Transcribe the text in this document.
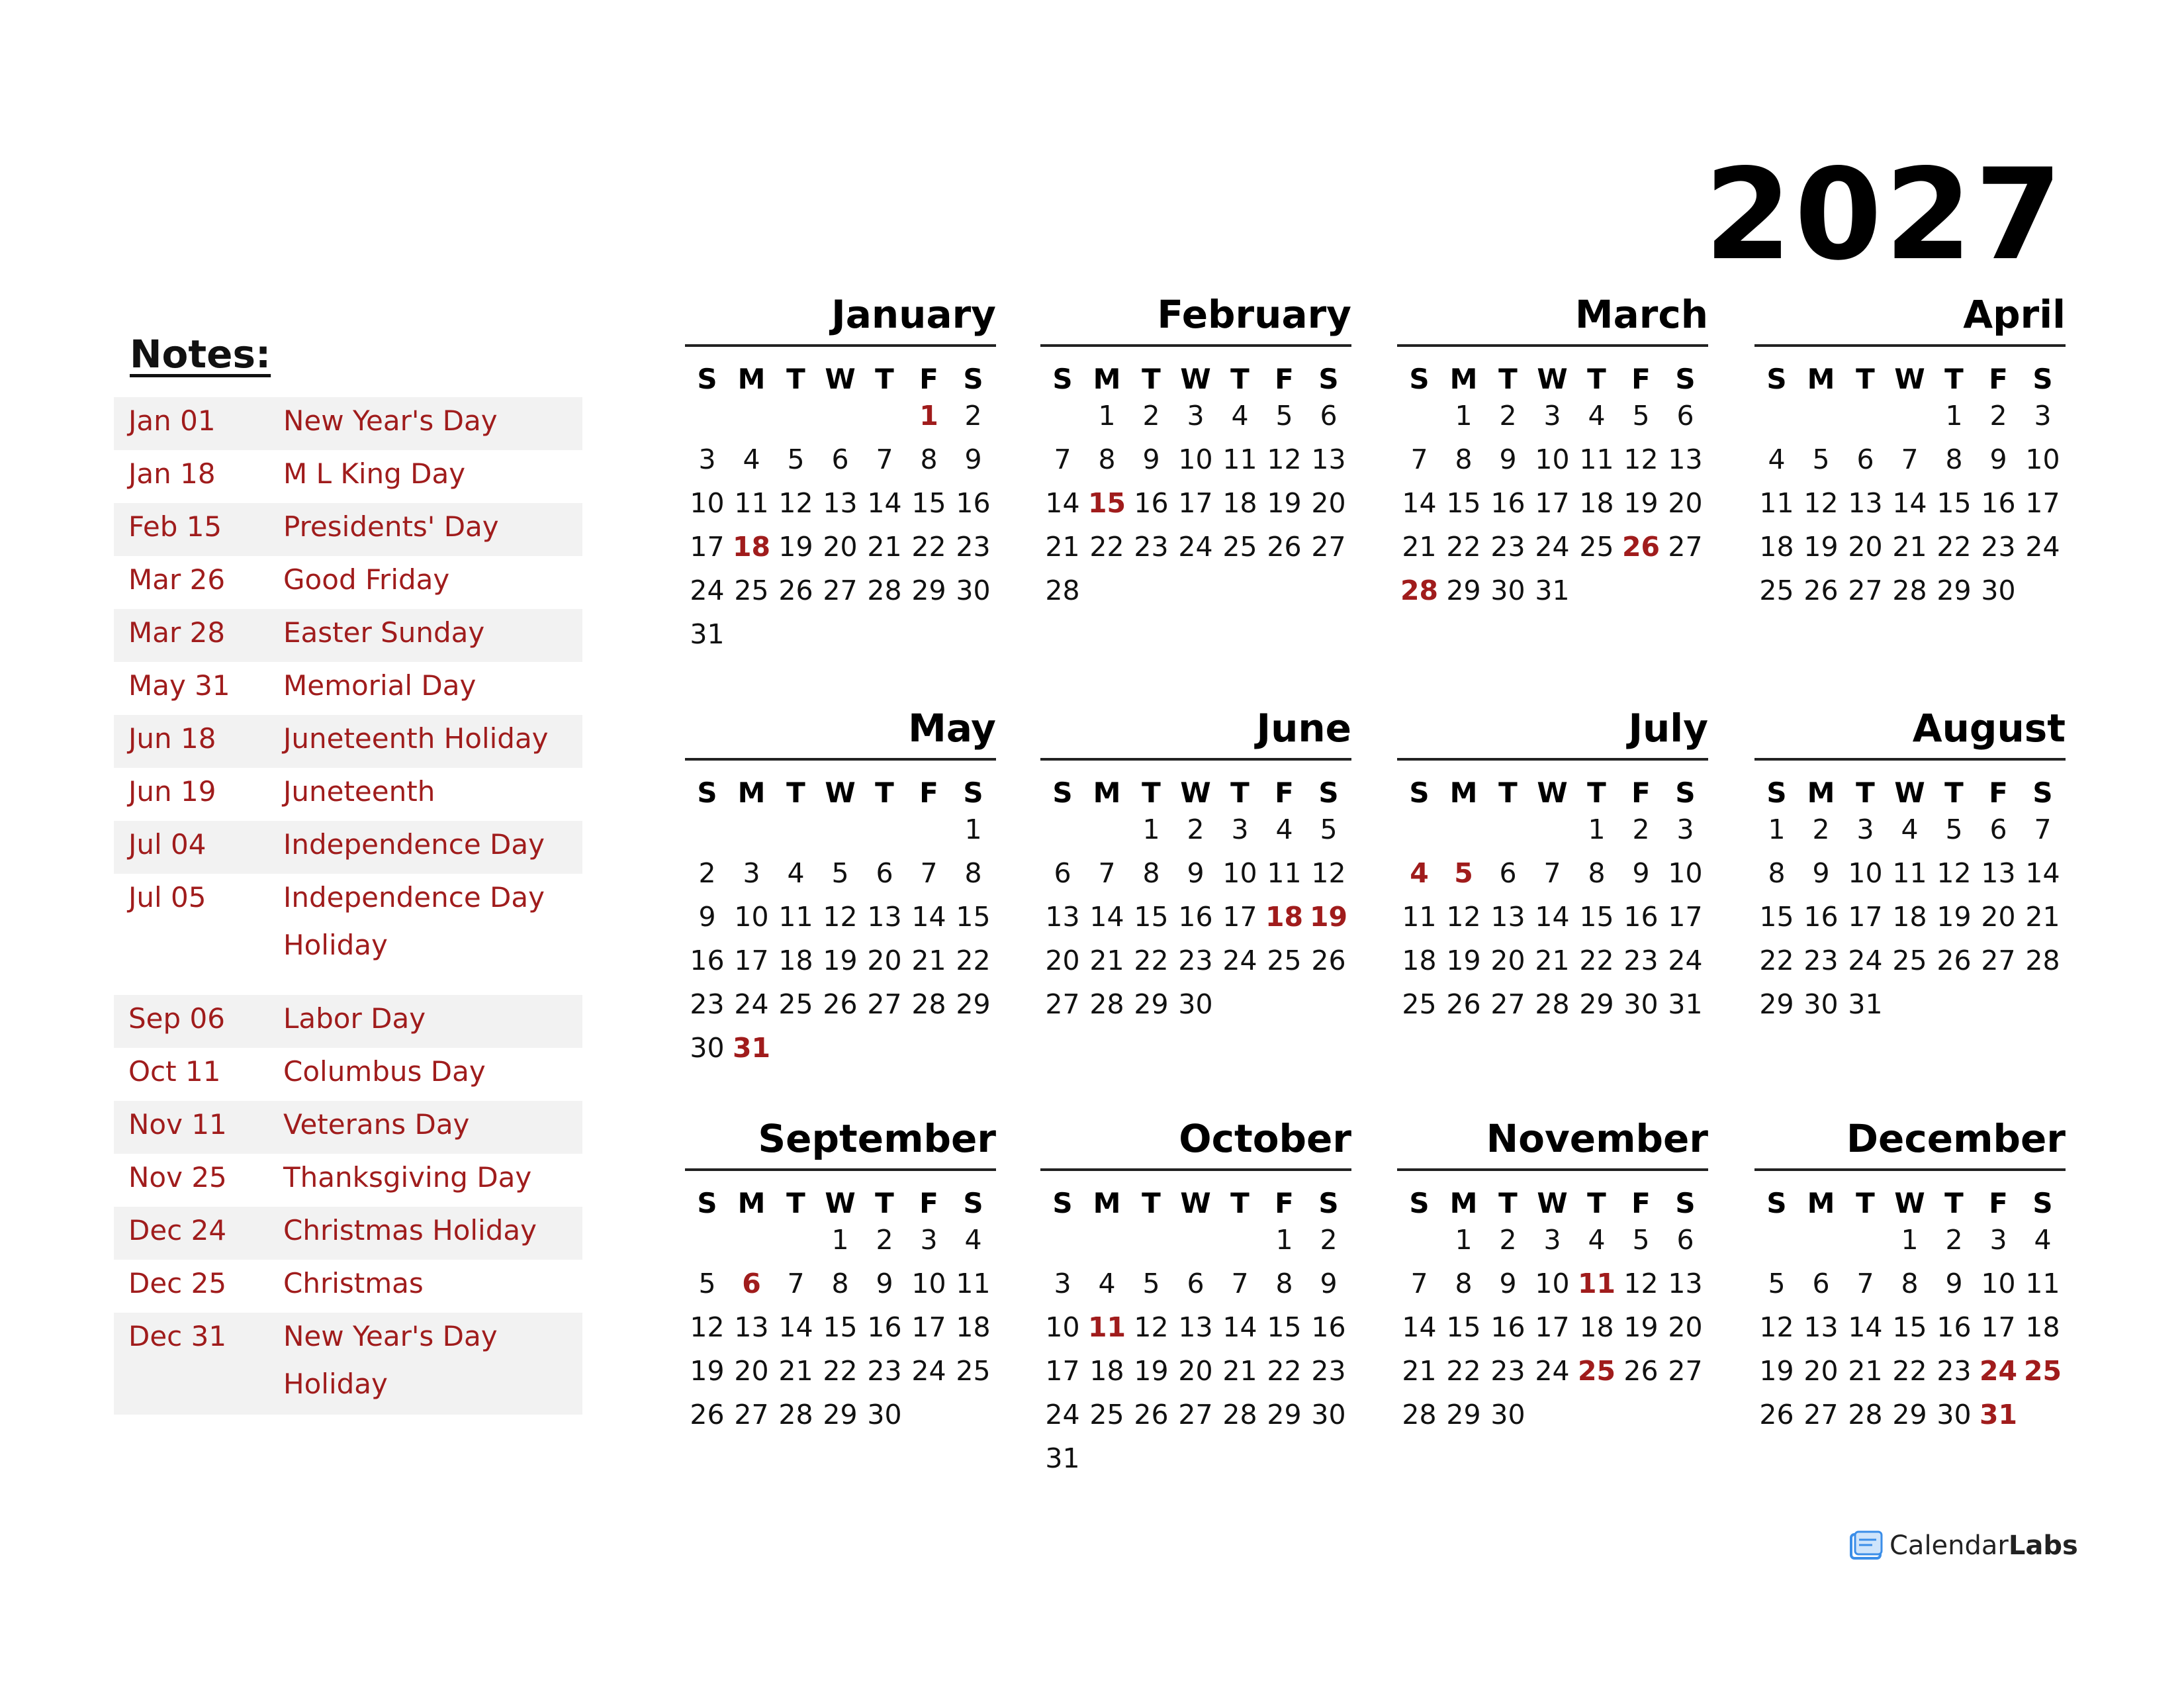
2027
Notes:
Jan 01 New Year's Day
Jan 18 M L King Day
Feb 15 Presidents' Day
Mar 26 Good Friday
Mar 28 Easter Sunday
May 31 Memorial Day
Jun 18 Juneteenth Holiday
Jun 19 Juneteenth
Jul 04	Independence Day
Jul 05	Independence Day Holiday
Sep 06 Labor Day
Oct 11 Columbus Day
Nov 11 Veterans Day
Nov 25 Thanksgiving Day
Dec 24 Christmas Holiday
Dec 25 Christmas
Dec 31 New Year's Day Holiday
January
S M T W T F S
1 2
3 4 5 6 7 8 9
10 11 12 13 14 15 16
17 18 19 20 21 22 23
24 25 26 27 28 29 30
31
February
S M T W T F S
1 2 3 4 5 6
7 8 9 10 11 12 13
14 15 16 17 18 19 20
21 22 23 24 25 26 27
28
March
S M T W T F S
1 2 3 4 5 6
7 8 9 10 11 12 13
14 15 16 17 18 19 20
21 22 23 24 25 26 27
28 29 30 31
April
S M T W T F S
1 2 3
4 5 6 7 8 9 10
11 12 13 14 15 16 17
18 19 20 21 22 23 24
25 26 27 28 29 30
May
S M T W T F S
1
2 3 4 5 6 7 8
9 10 11 12 13 14 15
16 17 18 19 20 21 22
23 24 25 26 27 28 29
30 31
June
S M T W T F S
1 2 3 4 5
6 7 8 9 10 11 12
13 14 15 16 17 18 19
20 21 22 23 24 25 26
27 28 29 30
July
S M T W T F S
1 2 3
4 5 6 7 8 9 10
11 12 13 14 15 16 17
18 19 20 21 22 23 24
25 26 27 28 29 30 31
August
S M T W T F S
1 2 3 4 5 6 7
8 9 10 11 12 13 14
15 16 17 18 19 20 21
22 23 24 25 26 27 28
29 30 31
September
S M T W T F S
1 2 3 4
5 6 7 8 9 10 11
12 13 14 15 16 17 18
19 20 21 22 23 24 25
26 27 28 29 30
October
S M T W T F S
1 2
3 4 5 6 7 8 9
10 11 12 13 14 15 16
17 18 19 20 21 22 23
24 25 26 27 28 29 30
31
November
S M T W T F S
1 2 3 4 5 6
7 8 9 10 11 12 13
14 15 16 17 18 19 20
21 22 23 24 25 26 27
28 29 30
December
S M T W T F S
1 2 3 4
5 6 7 8 9 10 11
12 13 14 15 16 17 18
19 20 21 22 23 24 25
26 27 28 29 30 31
CalendarLabs
